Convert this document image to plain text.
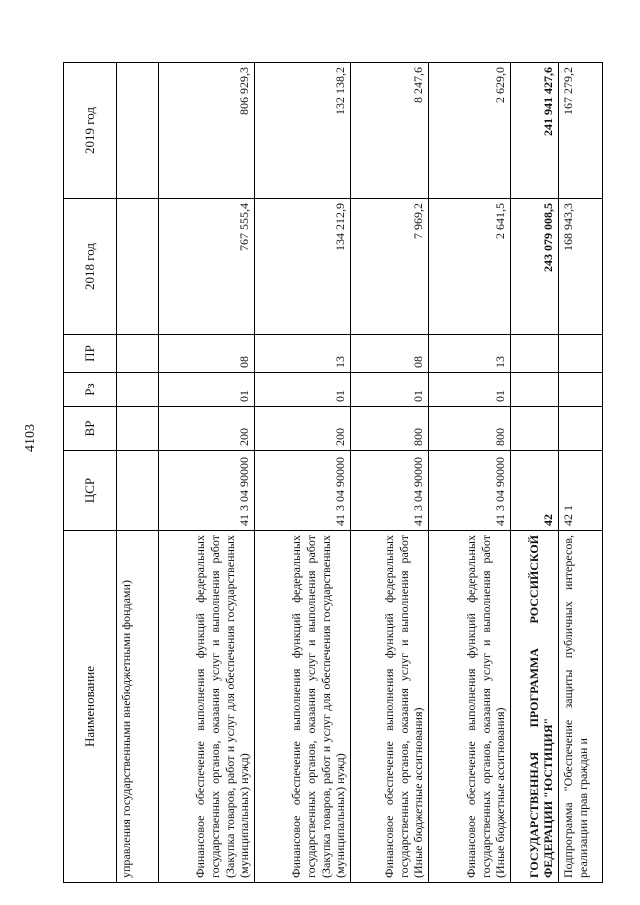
4103
Наименование	ЦСР	ВР	Рз	ПР	2018 год	2019 год
управления государственными внебюджетными фондами)						
Финансовое обеспечение выполнения функций федеральных государственных органов, оказания услуг и выполнения работ (Закупка товаров, работ и услуг для обеспечения государственных (муниципальных) нужд)	41 3 04 90000	200	01	08	767 555,4	806 929,3
Финансовое обеспечение выполнения функций федеральных государственных органов, оказания услуг и выполнения работ (Закупка товаров, работ и услуг для обеспечения государственных (муниципальных) нужд)	41 3 04 90000	200	01	13	134 212,9	132 138,2
Финансовое обеспечение выполнения функций федеральных государственных органов, оказания услуг и выполнения работ (Иные бюджетные ассигнования)	41 3 04 90000	800	01	08	7 969,2	8 247,6
Финансовое обеспечение выполнения функций федеральных государственных органов, оказания услуг и выполнения работ (Иные бюджетные ассигнования)	41 3 04 90000	800	01	13	2 641,5	2 629,0
ГОСУДАРСТВЕННАЯ ПРОГРАММА РОССИЙСКОЙ ФЕДЕРАЦИИ "ЮСТИЦИЯ"	42				243 079 008,5	241 941 427,6
Подпрограмма "Обеспечение защиты публичных интересов, реализации прав граждан и	42 1				168 943,3	167 279,2
